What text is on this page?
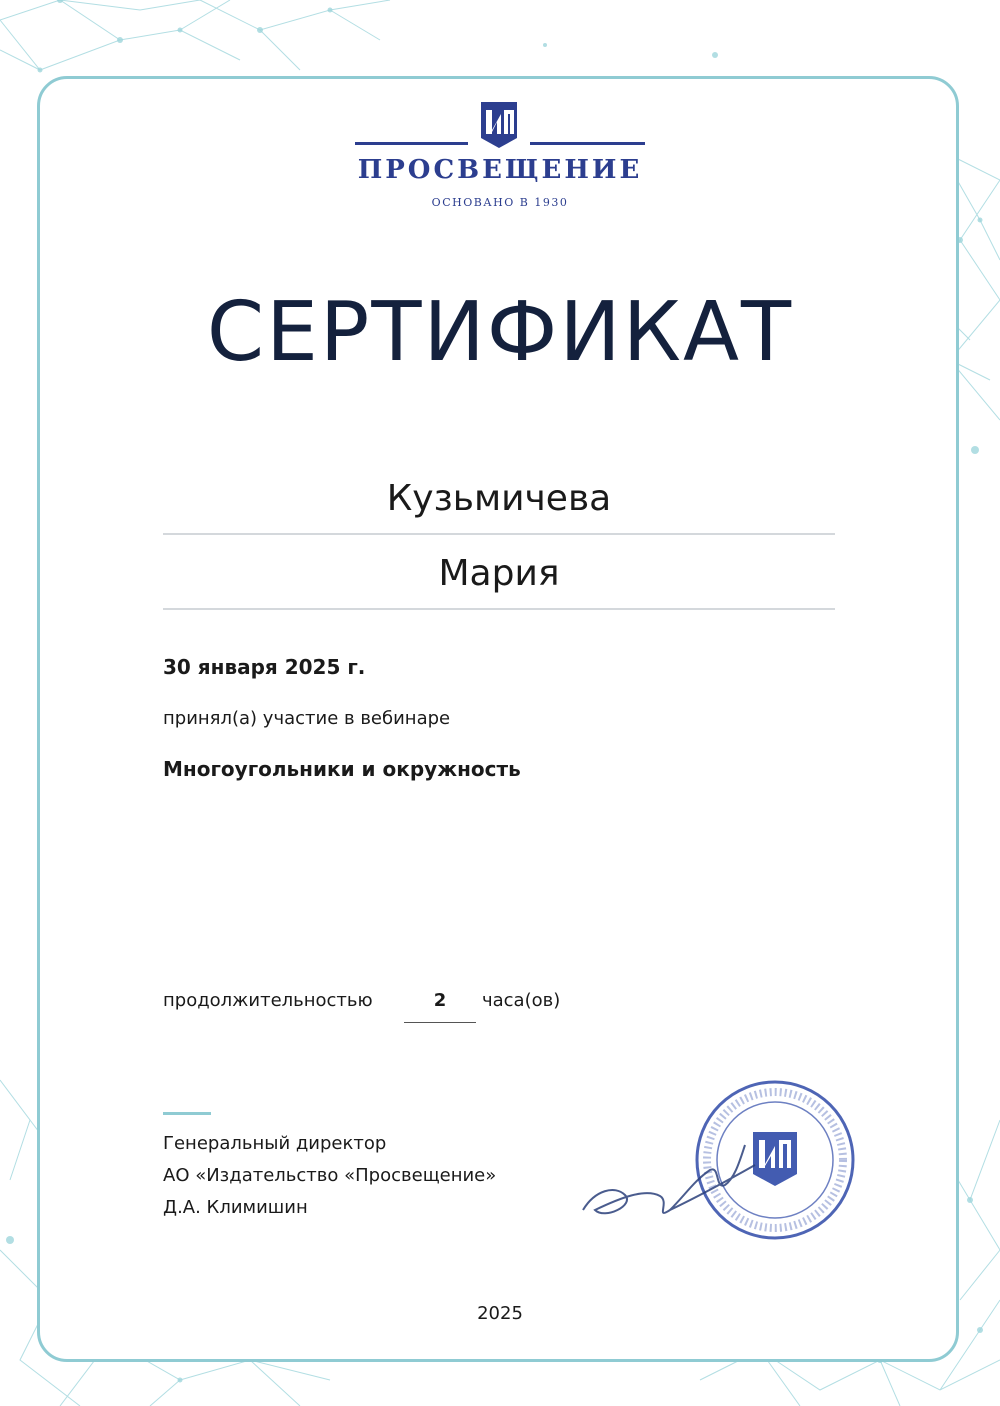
ПРОСВЕЩЕНИЕ
ОСНОВАНО В 1930
СЕРТИФИКАТ
Кузьмичева
Мария
30 января 2025 г.
принял(а) участие в вебинаре
Многоугольники и окружность
продолжительностью	2	часа(ов)
Генеральный директор
АО «Издательство «Просвещение»
Д.А. Климишин
2025
